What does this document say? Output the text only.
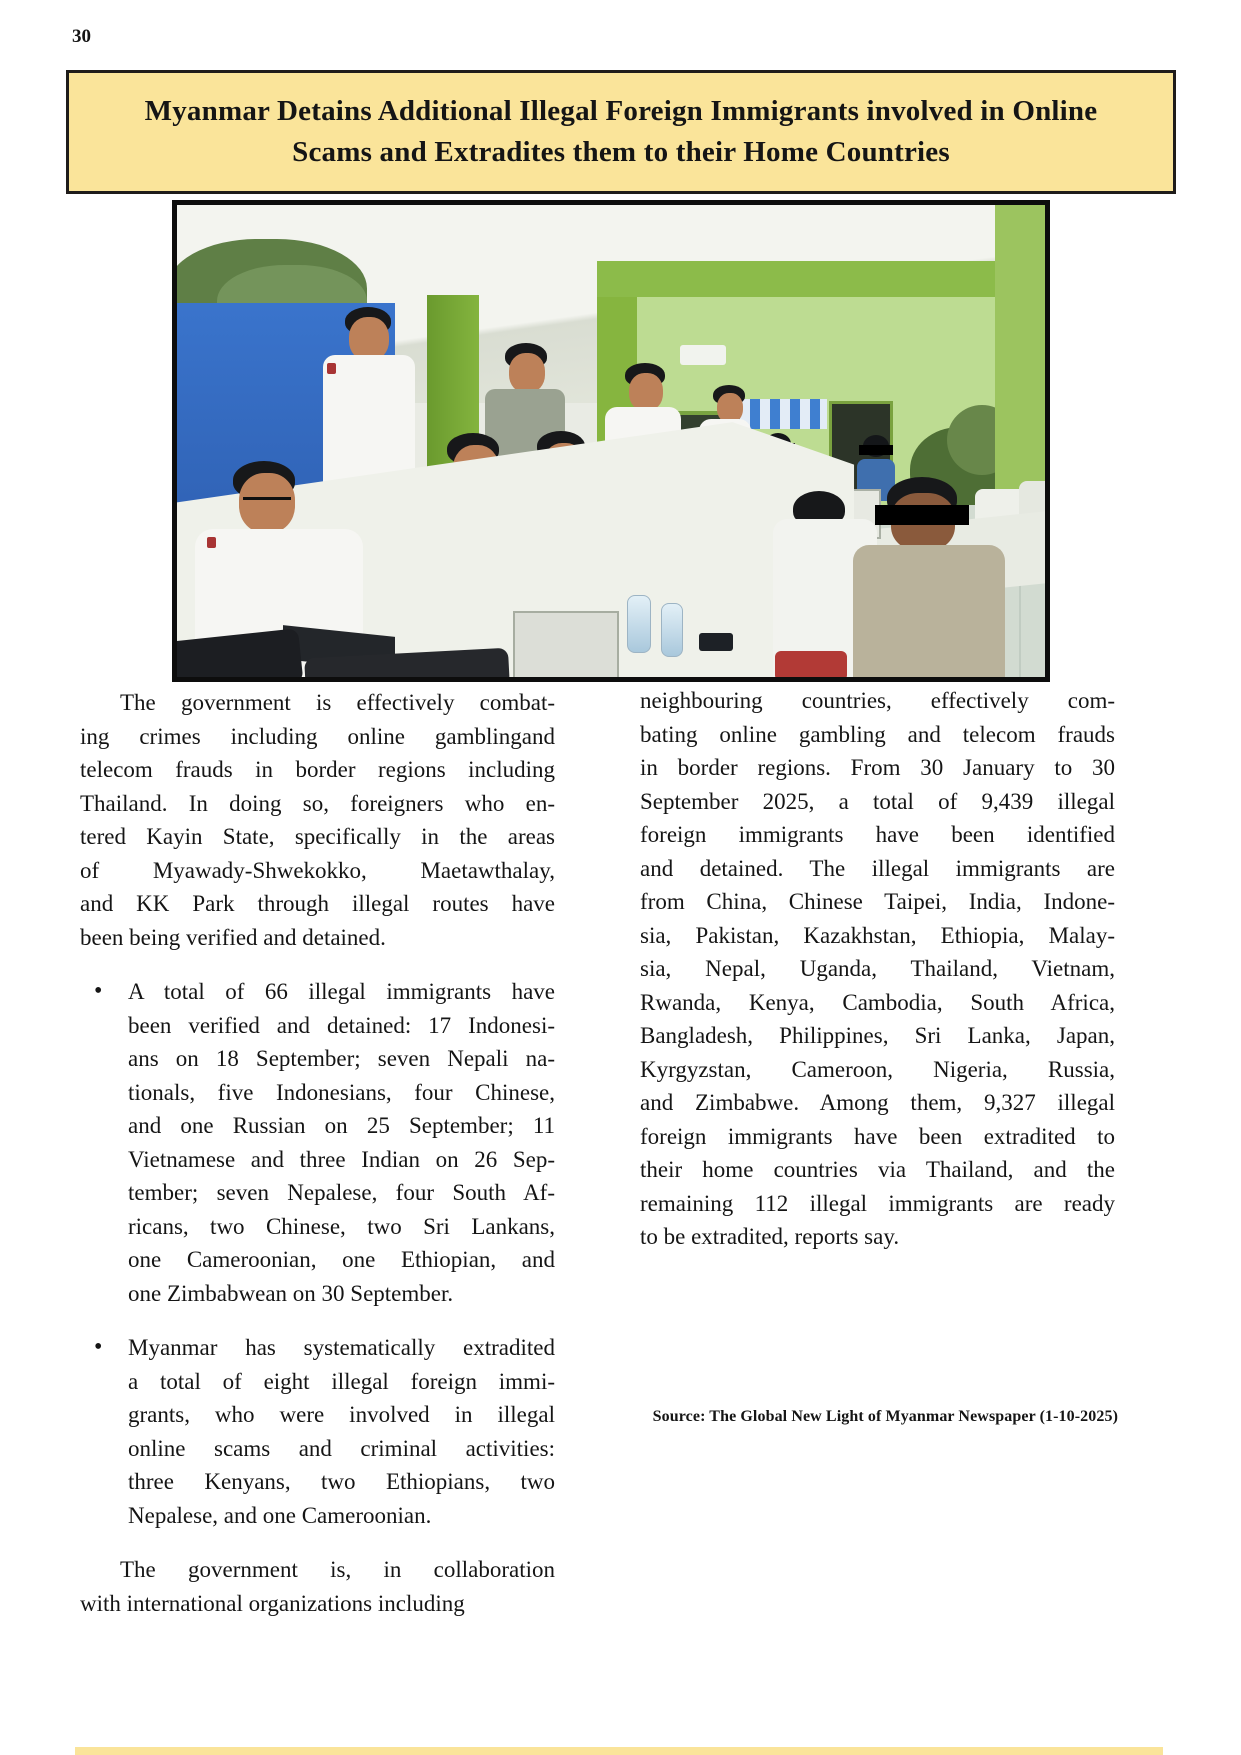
30
Myanmar Detains Additional Illegal Foreign Immigrants involved in Online
Scams and Extradites them to their Home Countries
The government is effectively combat-
ing crimes including online gamblingand
telecom frauds in border regions including
Thailand. In doing so, foreigners who en-
tered Kayin State, specifically in the areas
of Myawady-Shwekokko, Maetawthalay,
and KK Park through illegal routes have
been being verified and detained.
• A total of 66 illegal immigrants have
been verified and detained: 17 Indonesi-
ans on 18 September; seven Nepali na-
tionals, five Indonesians, four Chinese,
and one Russian on 25 September; 11
Vietnamese and three Indian on 26 Sep-
tember; seven Nepalese, four South Af-
ricans, two Chinese, two Sri Lankans,
one Cameroonian, one Ethiopian, and
one Zimbabwean on 30 September.
• Myanmar has systematically extradited
a total of eight illegal foreign immi-
grants, who were involved in illegal
online scams and criminal activities:
three Kenyans, two Ethiopians, two
Nepalese, and one Cameroonian.
The government is, in collaboration
with international organizations including
neighbouring countries, effectively com-
bating online gambling and telecom frauds
in border regions. From 30 January to 30
September 2025, a total of 9,439 illegal
foreign immigrants have been identified
and detained. The illegal immigrants are
from China, Chinese Taipei, India, Indone-
sia, Pakistan, Kazakhstan, Ethiopia, Malay-
sia, Nepal, Uganda, Thailand, Vietnam,
Rwanda, Kenya, Cambodia, South Africa,
Bangladesh, Philippines, Sri Lanka, Japan,
Kyrgyzstan, Cameroon, Nigeria, Russia,
and Zimbabwe. Among them, 9,327 illegal
foreign immigrants have been extradited to
their home countries via Thailand, and the
remaining 112 illegal immigrants are ready
to be extradited, reports say.
Source: The Global New Light of Myanmar Newspaper (1-10-2025)
